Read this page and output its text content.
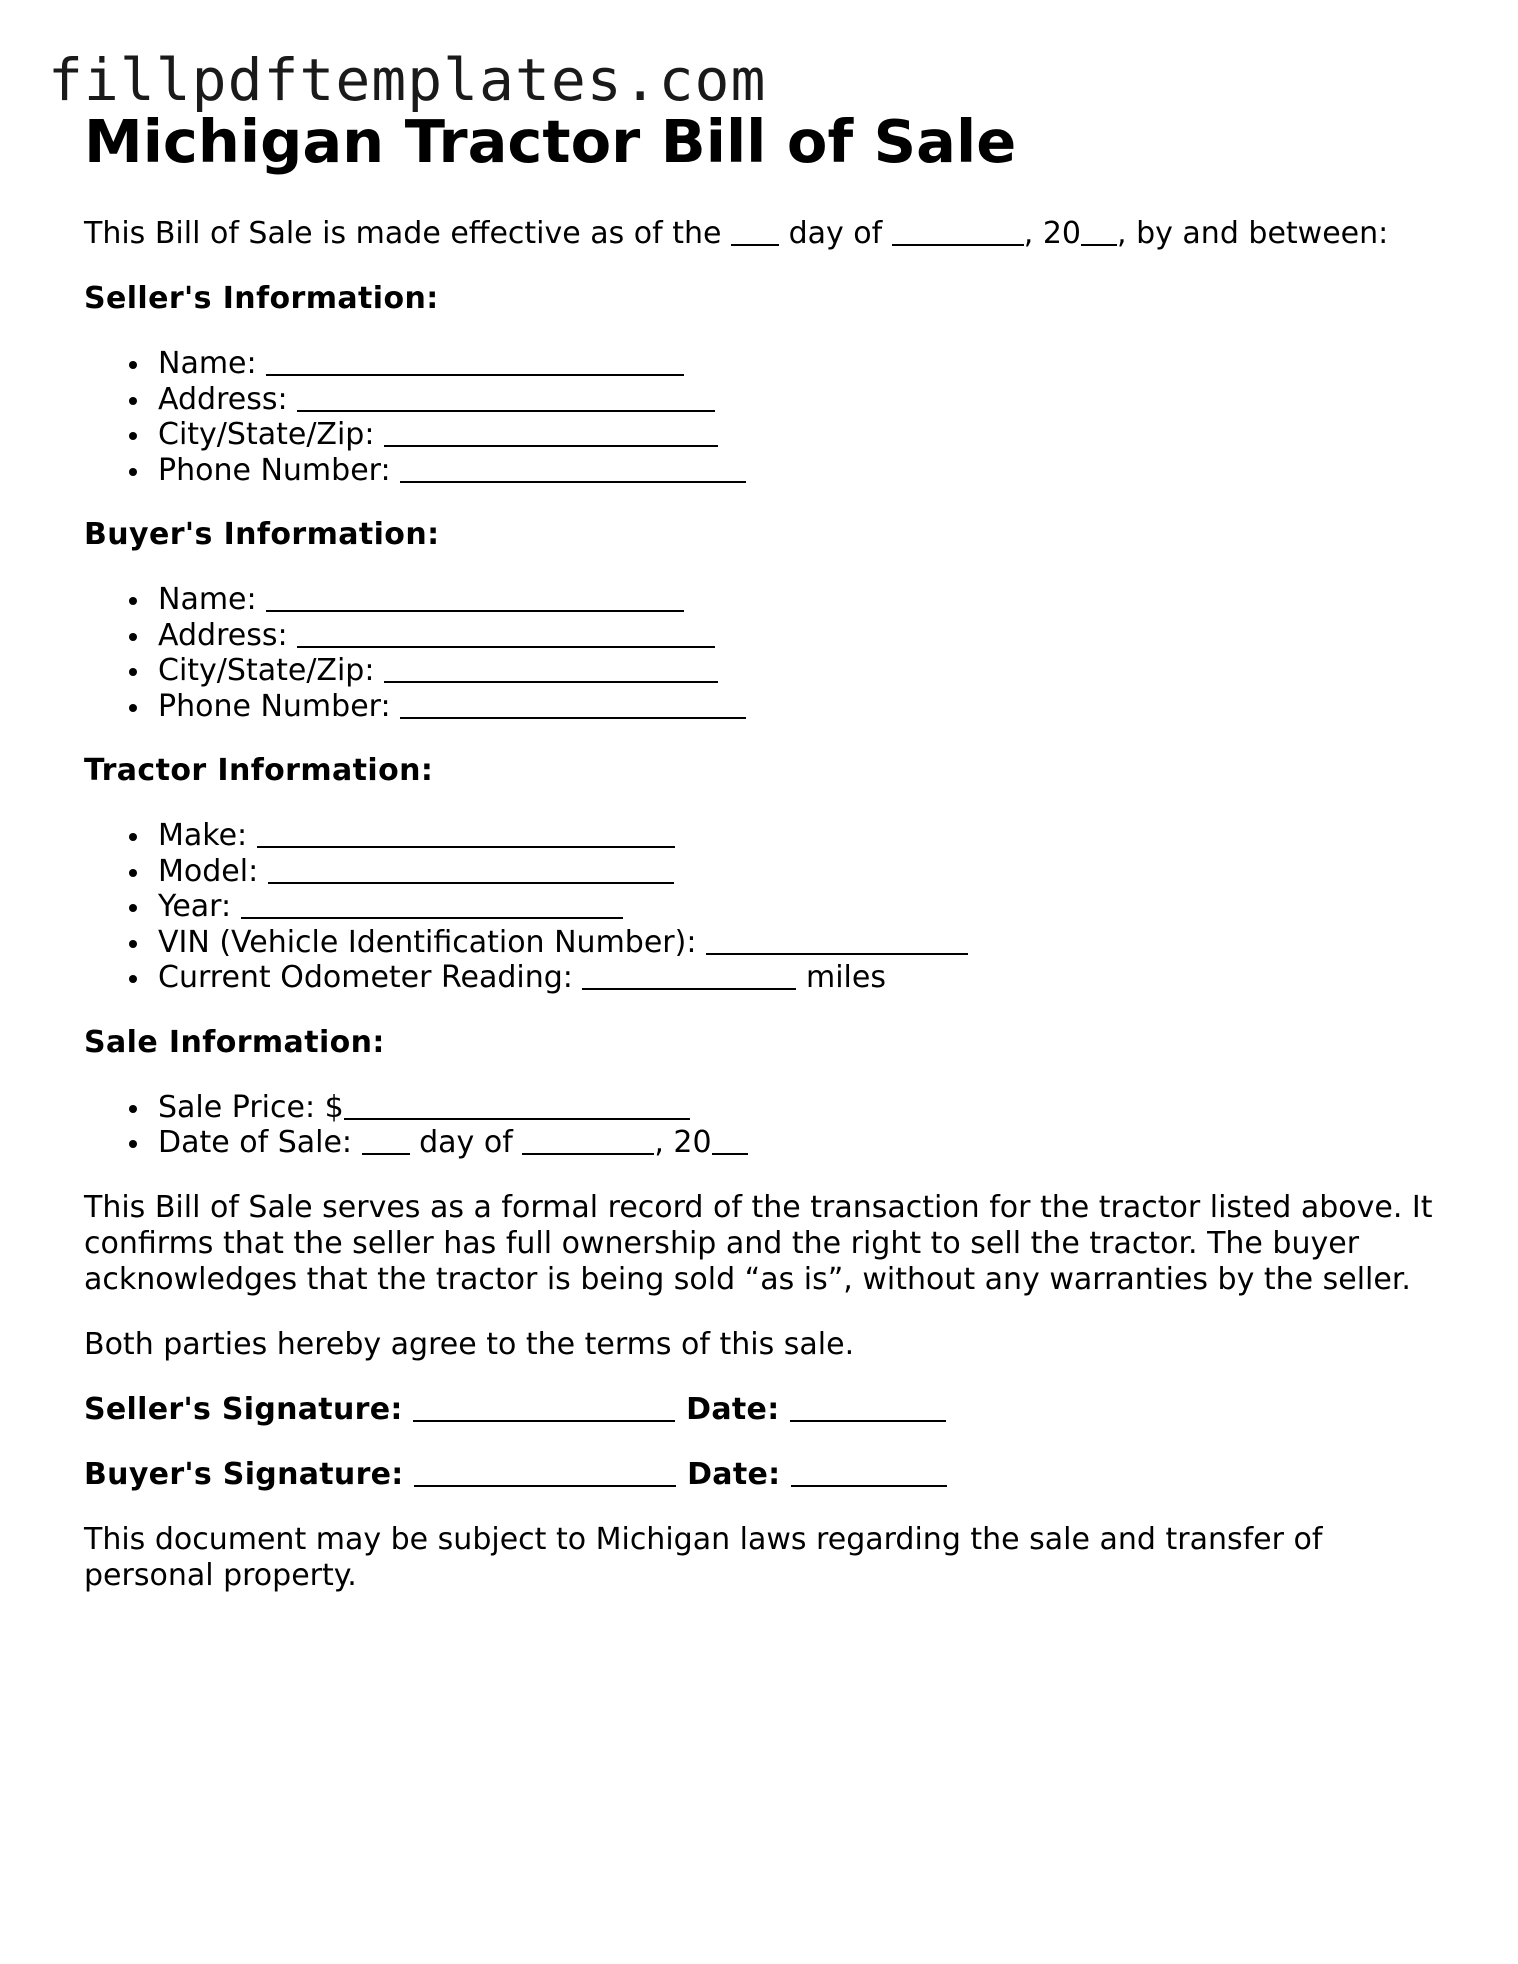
fillpdftemplates.com
Michigan Tractor Bill of Sale

This Bill of Sale is made effective as of the day of	, 20 , by and between:

Seller's Information:

Name:
Address:
City/State/Zip:
Phone Number:

Buyer's Information:

Name:
Address:
City/State/Zip:
Phone Number:

Tractor Information:

Make:
Model:
Year:
VIN (Vehicle Identification Number):
Current Odometer Reading:	miles

Sale Information:

Sale Price: $
Date of Sale: day of	, 20

This Bill of Sale serves as a formal record of the transaction for the tractor listed above. It confirms that the seller has full ownership and the right to sell the tractor. The buyer acknowledges that the tractor is being sold “as is”, without any warranties by the seller.

Both parties hereby agree to the terms of this sale.

Seller's Signature:	Date:

Buyer's Signature:	Date:

This document may be subject to Michigan laws regarding the sale and transfer of personal property.
